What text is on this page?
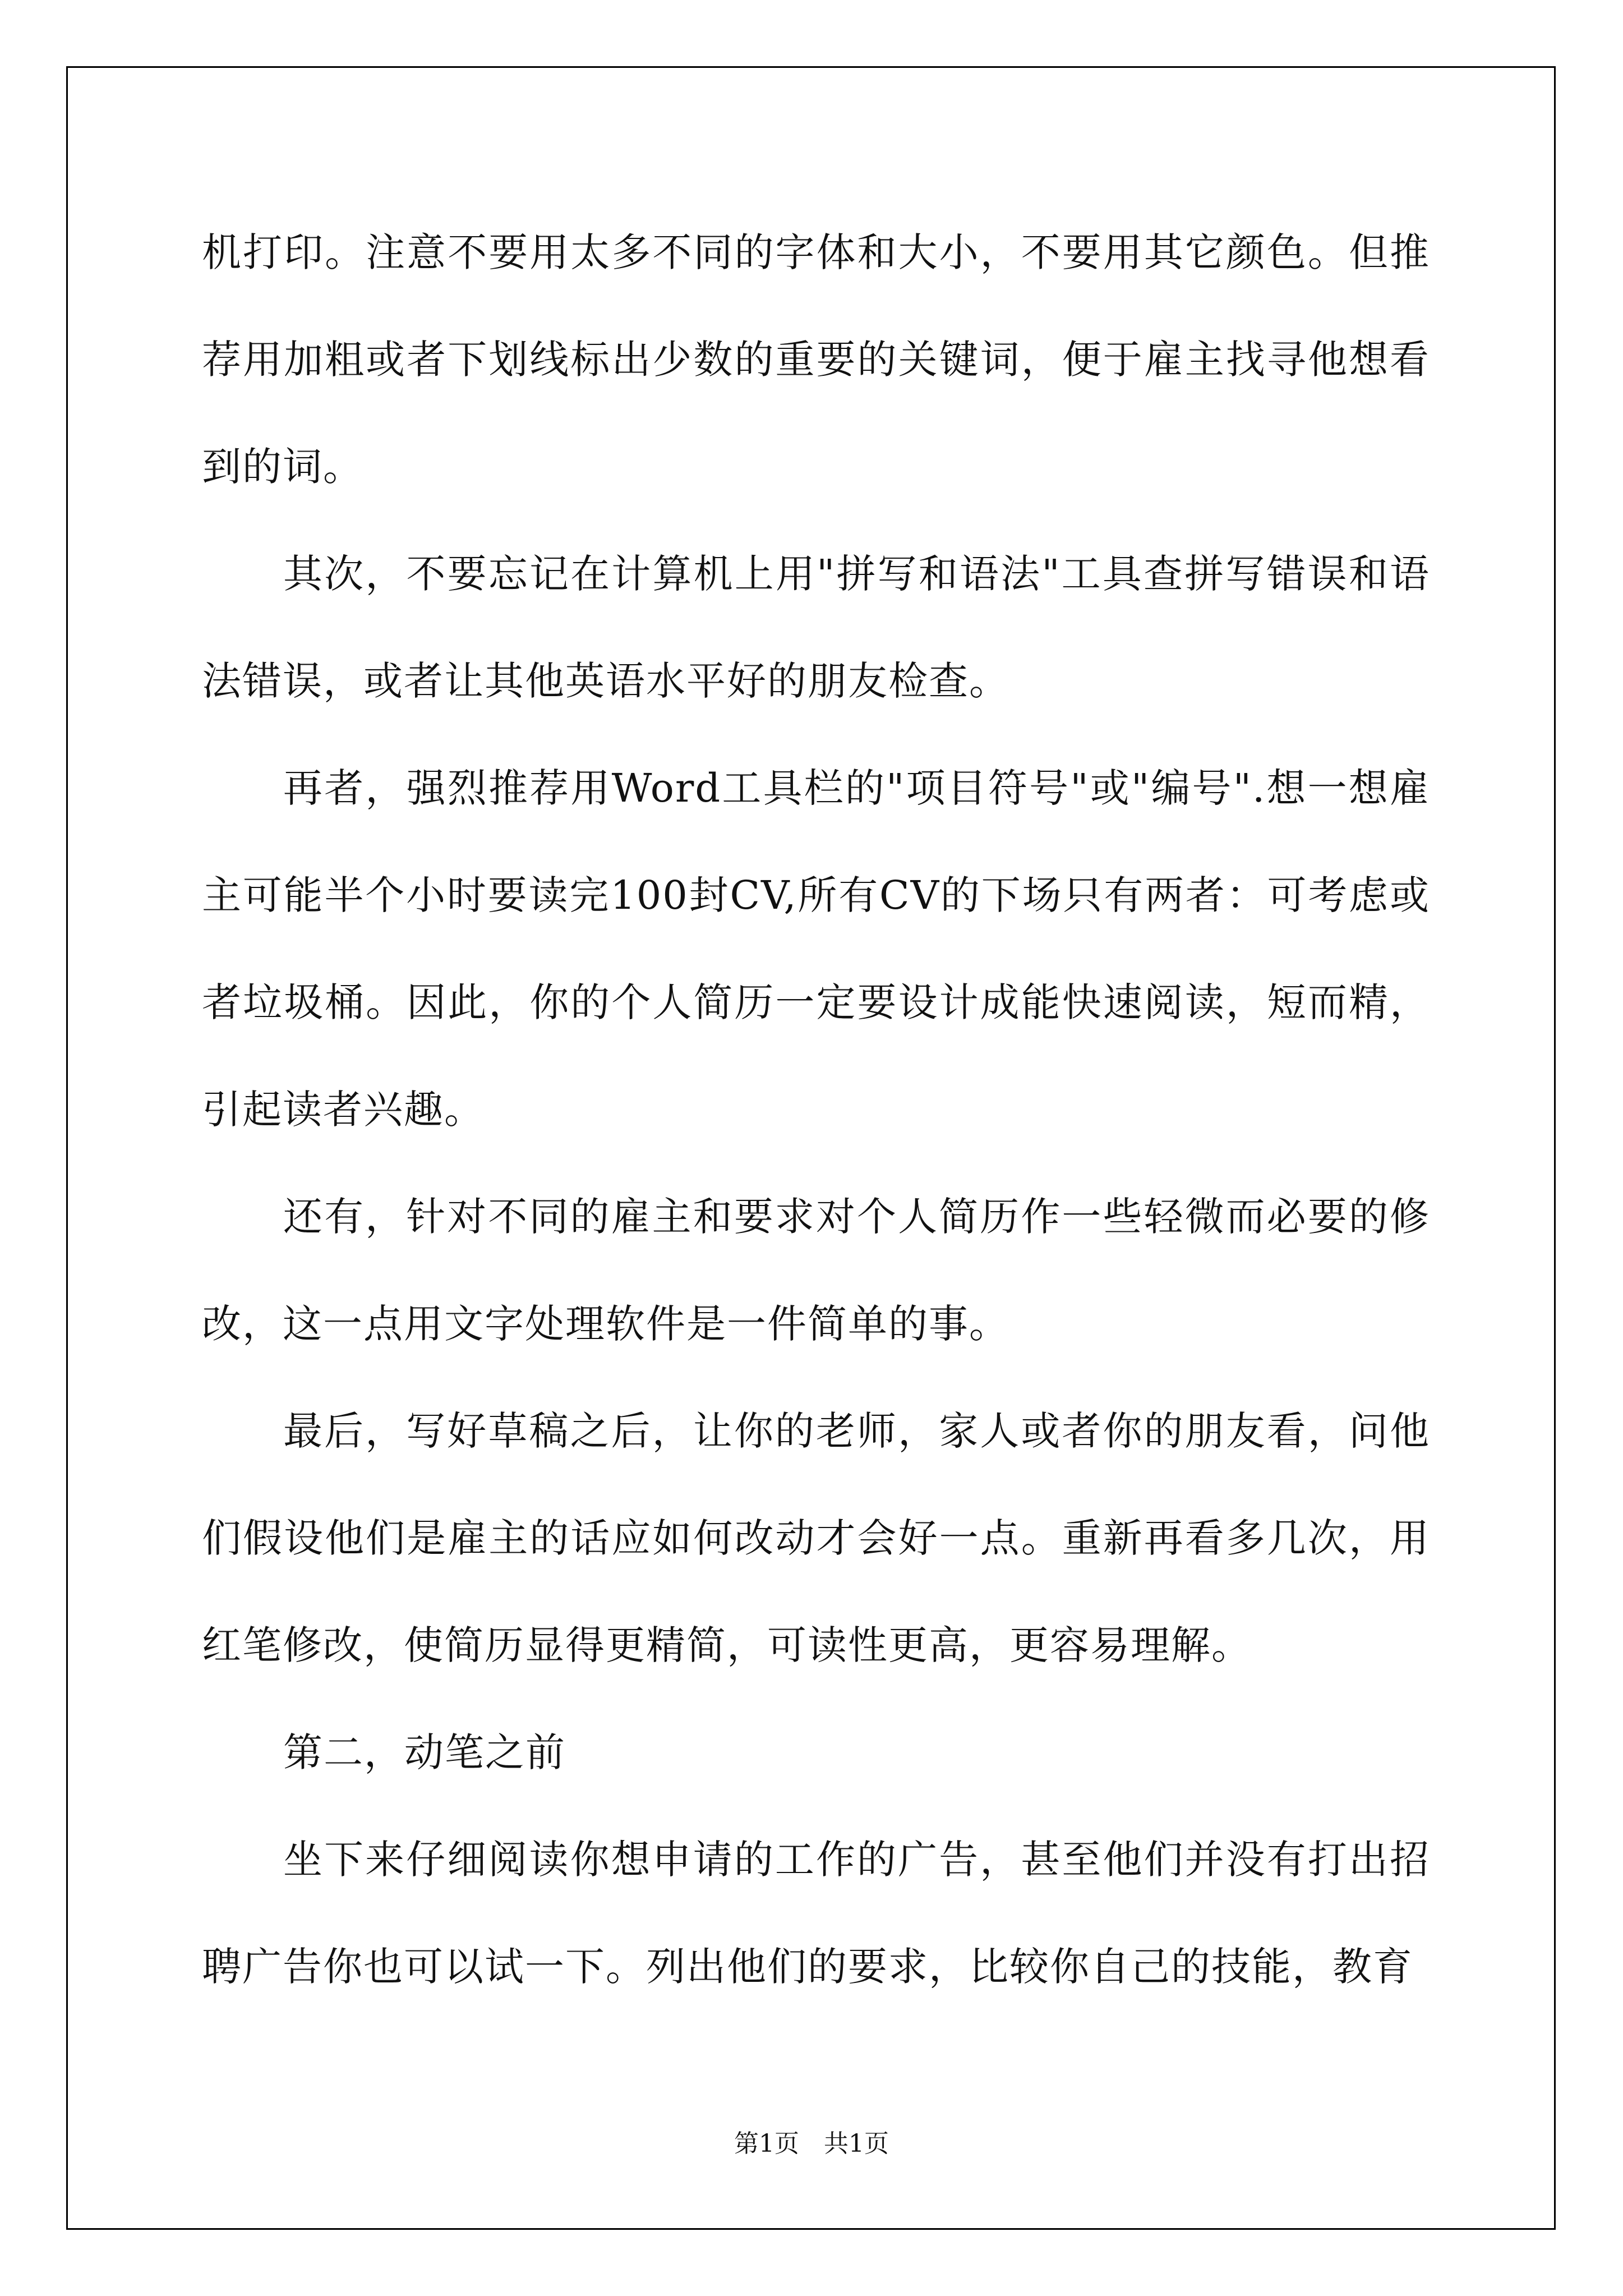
机打印。注意不要用太多不同的字体和大小，不要用其它颜色。但推荐用加粗或者下划线标出少数的重要的关键词，便于雇主找寻他想看到的词。

其次，不要忘记在计算机上用"拼写和语法"工具查拼写错误和语法错误，或者让其他英语水平好的朋友检查。

再者，强烈推荐用Word工具栏的"项目符号"或"编号".想一想雇主可能半个小时要读完100封CV,所有CV的下场只有两者：可考虑或者垃圾桶。因此，你的个人简历一定要设计成能快速阅读，短而精，引起读者兴趣。

还有，针对不同的雇主和要求对个人简历作一些轻微而必要的修改，这一点用文字处理软件是一件简单的事。

最后，写好草稿之后，让你的老师，家人或者你的朋友看，问他们假设他们是雇主的话应如何改动才会好一点。重新再看多几次，用红笔修改，使简历显得更精简，可读性更高，更容易理解。

第二，动笔之前

坐下来仔细阅读你想申请的工作的广告，甚至他们并没有打出招聘广告你也可以试一下。列出他们的要求，比较你自己的技能，教育

第1页 共1页
